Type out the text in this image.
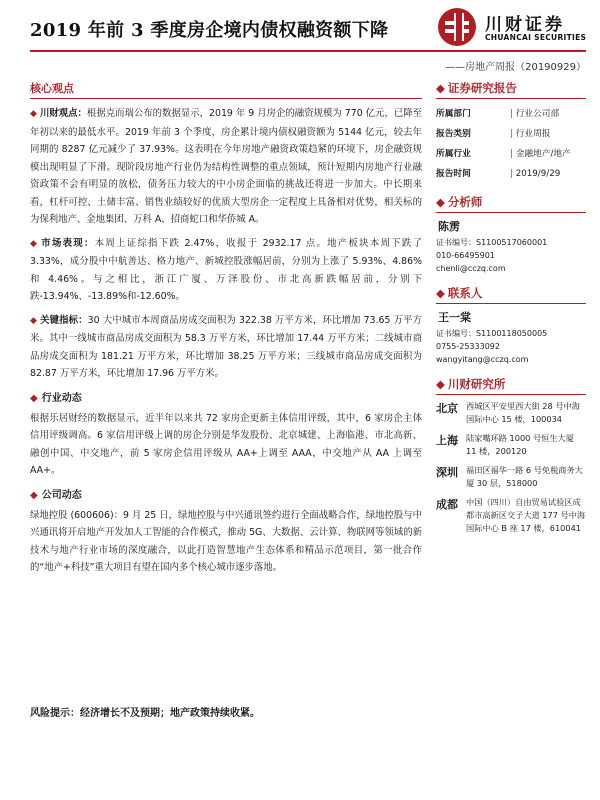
2019 年前 3 季度房企境内债权融资额下降	川财证券
CHUANCAI SECURITIES
——房地产周报（20190929）
核心观点

◆ 川财观点：根据克而瑞公布的数据显示，2019 年 9 月房企的融资规模为 770 亿元，已降至年初以来的最低水平。2019 年前 3 个季度，房企累计境内债权融资额为 5144 亿元，较去年同期的 8287 亿元减少了 37.93%。这表明在今年房地产融资政策趋紧的环境下，房企融资规模出现明显了下滑。现阶段房地产行业仍为结构性调整的重点领域，预计短期内房地产行业融资政策不会有明显的放松，债务压力较大的中小房企面临的挑战还将进一步加大。中长期来看，杠杆可控、土储丰富、销售业绩较好的优质大型房企一定程度上具备相对优势，相关标的为保利地产、金地集团、万科 A、招商蛇口和华侨城 A。

◆ 市场表现：本周上证综指下跌 2.47%，收报于 2932.17 点。地产板块本周下跌了 3.33%，成分股中中航善达、格力地产、新城控股涨幅居前，分别为上涨了 5.93%、4.86%和 4.46%。与之相比，浙江广厦、万泽股份、市北高新跌幅居前，分别下跌-13.94%、-13.89%和-12.60%。

◆ 关键指标：30 大中城市本周商品房成交面积为 322.38 万平方米，环比增加 73.65 万平方米。其中一线城市商品房成交面积为 58.3 万平方米，环比增加 17.44 万平方米；二线城市商品房成交面积为 181.21 万平方米，环比增加 38.25 万平方米；三线城市商品房成交面积为 82.87 万平方米，环比增加 17.96 万平方米。

◆ 行业动态

根据乐居财经的数据显示，近半年以来共 72 家房企更新主体信用评级，其中，6 家房企主体信用评级调高。6 家信用评级上调的房企分别是华发股份、北京城建、上海临港、市北高新、融创中国、中交地产，前 5 家房企信用评级从 AA+上调至 AAA，中交地产从 AA 上调至 AA+。

◆ 公司动态

绿地控股 (600606)：9 月 25 日，绿地控股与中兴通讯签约进行全面战略合作，绿地控股与中兴通讯将开启地产开发加人工智能的合作模式，推动 5G、大数据、云计算、物联网等领域的新技术与地产行业市场的深度融合，以此打造智慧地产生态体系和精品示范项目，第一批合作的“地产+科技”重大项目有望在国内多个核心城市逐步落地。

风险提示：经济增长不及预期；地产政策持续收紧。
◆ 证券研究报告
所属部门	| 行业公司部
报告类别	| 行业周报
所属行业	| 金融地产/地产
报告时间	| 2019/9/29
◆ 分析师
陈雳
证书编号：S1100517060001
010-66495901
chenli@cczq.com
◆ 联系人
王一棠
证书编号：S1100118050005
0755-25333092
wangyitang@cczq.com
◆ 川财研究所
北京 西城区平安里西大街 28 号中海国际中心 15 楼，100034
上海 陆家嘴环路 1000 号恒生大厦 11 楼，200120
深圳 福田区福华一路 6 号免税商务大厦 30 层，518000
成都 中国（四川）自由贸易试验区成都市高新区交子大道 177 号中海国际中心 B 座 17 楼，610041
